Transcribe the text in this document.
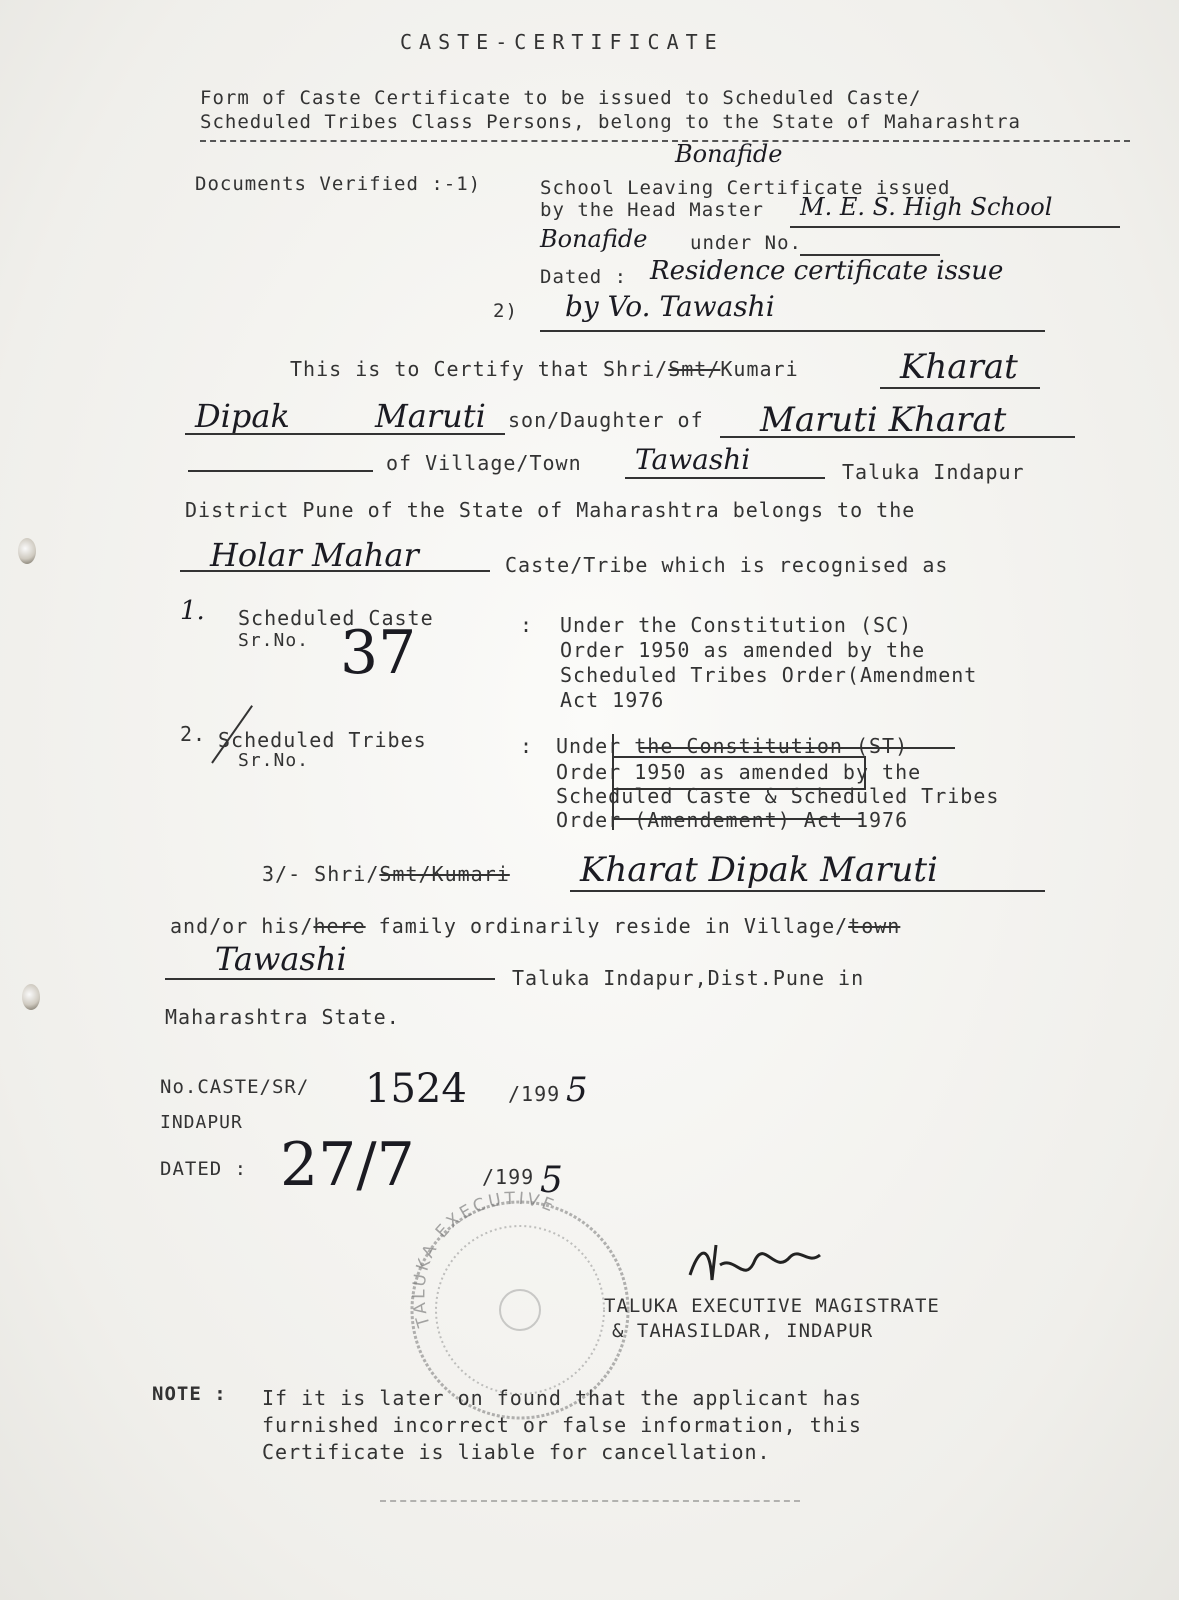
CASTE-CERTIFICATE
Form of Caste Certificate to be issued to Scheduled Caste/
Scheduled Tribes Class Persons, belong to the State of Maharashtra
Documents Verified :-1)	School Leaving Certificate issued
Bonafide
by the Head Master M. E. S. High School
Bonafide under No.
Dated : Residence certificate issue
2) by Vo. Tawashi
This is to Certify that Shri/Smt/Kumari	Kharat
Dipak	Maruti son/Daughter of Maruti Kharat
of Village/Town Tawashi	Taluka Indapur
District Pune of the State of Maharashtra belongs to the
Holar Mahar	Caste/Tribe which is recognised as
1. Scheduled Caste
Sr.No. 37	: Under the Constitution (SC)
Order 1950 as amended by the
Scheduled Tribes Order(Amendment
Act 1976
2. Scheduled Tribes
Sr.No.
: Under the Constitution (ST)
Order 1950 as amended by the
Scheduled Caste & Scheduled Tribes
Order (Amendement) Act 1976
3/- Shri/Smt/Kumari Kharat Dipak Maruti
and/or his/here family ordinarily reside in Village/town
Tawashi	Taluka Indapur,Dist.Pune in
Maharashtra State.
No.CASTE/SR/ 1524 /199 5
INDAPUR
DATED : 27/7	/199 5
TALUKA EXECUTIVE
TALUKA EXECUTIVE MAGISTRATE
& TAHASILDAR, INDAPUR
NOTE : If it is later on found that the applicant has
furnished incorrect or false information, this
Certificate is liable for cancellation.
